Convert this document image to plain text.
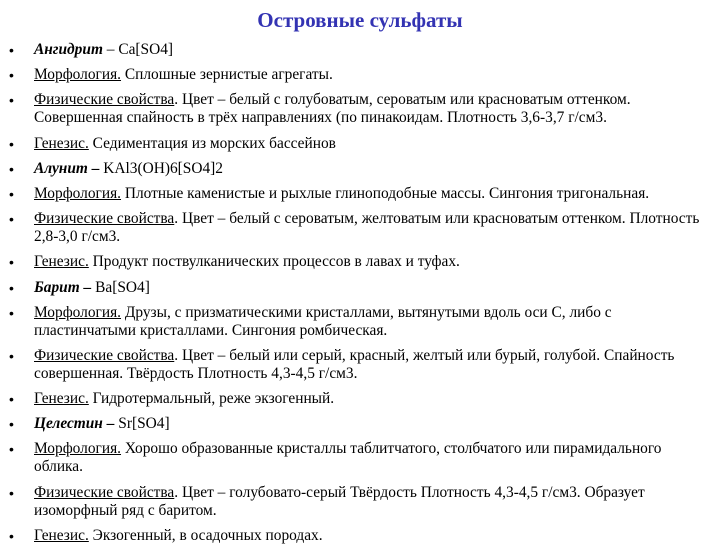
Островные сульфаты
• Ангидрит – Ca[SO4]
• Морфология. Сплошные зернистые агрегаты.
• Физические свойства. Цвет – белый с голубоватым, сероватым или красноватым оттенком. Совершенная спайность в трёх направлениях (по пинакоидам. Плотность 3,6-3,7 г/см3.
• Генезис. Седиментация из морских бассейнов
• Алунит – KAl3(OH)6[SO4]2
• Морфология. Плотные каменистые и рыхлые глиноподобные массы. Сингония тригональная.
• Физические свойства. Цвет – белый с сероватым, желтоватым или красноватым оттенком. Плотность 2,8-3,0 г/см3.
• Генезис. Продукт поствулканических процессов в лавах и туфах.
• Барит – Ba[SO4]
• Морфология. Друзы, с призматическими кристаллами, вытянутыми вдоль оси С, либо с пластинчатыми кристаллами. Сингония ромбическая.
• Физические свойства. Цвет – белый или серый, красный, желтый или бурый, голубой. Спайность совершенная. Твёрдость Плотность 4,3-4,5 г/см3.
• Генезис. Гидротермальный, реже экзогенный.
• Целестин – Sr[SO4]
• Морфология. Хорошо образованные кристаллы таблитчатого, столбчатого или пирамидального облика.
• Физические свойства. Цвет – голубовато-серый Твёрдость Плотность 4,3-4,5 г/см3. Образует изоморфный ряд с баритом.
• Генезис. Экзогенный, в осадочных породах.
